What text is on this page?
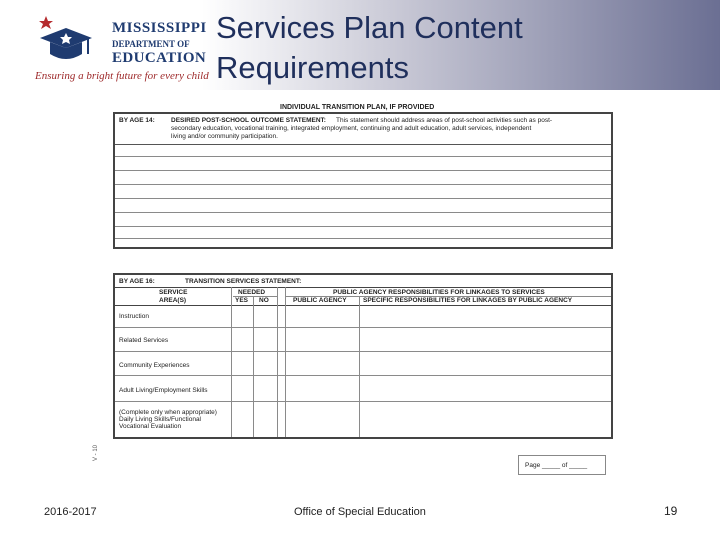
MISSISSIPPI
DEPARTMENT OF
EDUCATION
Ensuring a bright future for every child
Services Plan Content
Requirements
INDIVIDUAL TRANSITION PLAN, IF PROVIDED
BY AGE 14: DESIRED POST-SCHOOL OUTCOME STATEMENT: This statement should address areas of post-school activities such as post-
secondary education, vocational training, integrated employment, continuing and adult education, adult services, independent
living and/or community participation.
BY AGE 16:	TRANSITION SERVICES STATEMENT:
SERVICE
AREA(S)
NEEDED
YES NO
PUBLIC AGENCY RESPONSIBILITIES FOR LINKAGES TO SERVICES
PUBLIC AGENCY	SPECIFIC RESPONSIBILITIES FOR LINKAGES BY PUBLIC AGENCY
Instruction
Related Services
Community Experiences
Adult Living/Employment Skills
(Complete only when appropriate)
Daily Living Skills/Functional
Vocational Evaluation
V - 10
Page _____ of _____
2016-2017	Office of Special Education	19
